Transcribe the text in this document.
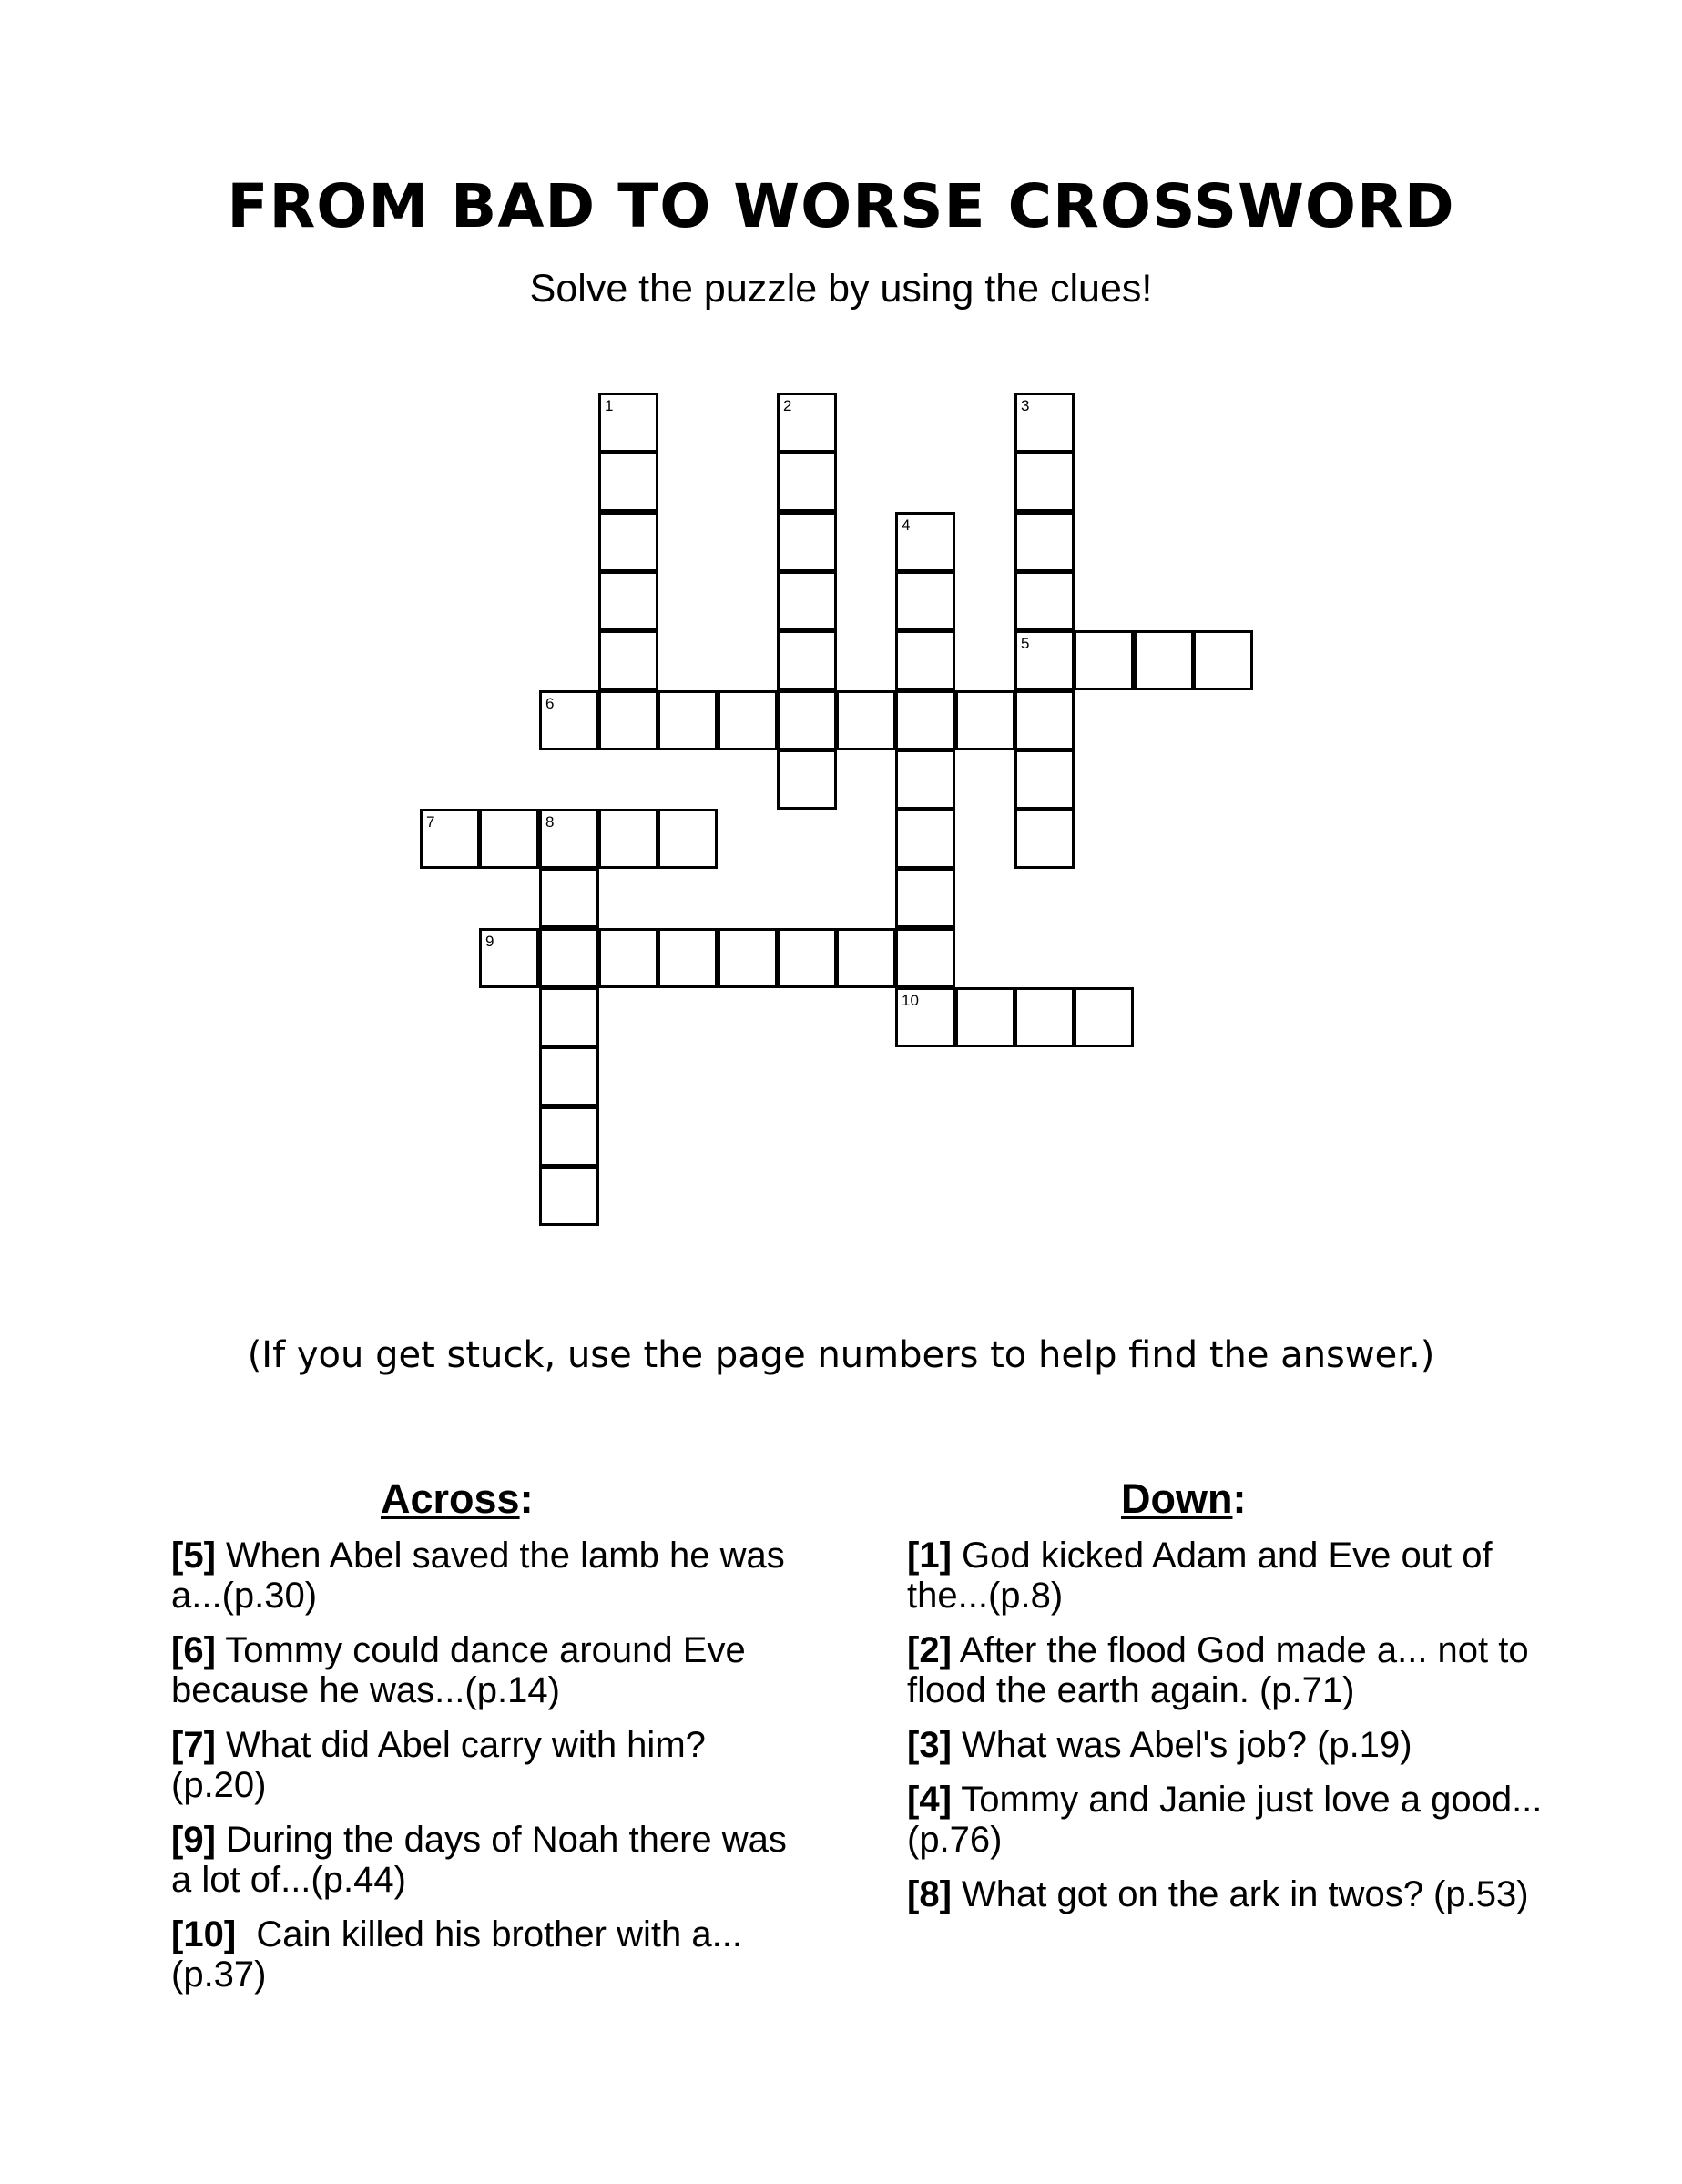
FROM BAD TO WORSE CROSSWORD

Solve the puzzle by using the clues!

1	2	3
5
4
6
7	8
9
10

(If you get stuck, use the page numbers to help find the answer.)

Across:

[5] When Abel saved the lamb he was a...(p.30)

[6] Tommy could dance around Eve because he was...(p.14)

[7] What did Abel carry with him? (p.20)

[9] During the days of Noah there was a lot of...(p.44)

[10]  Cain killed his brother with a...(p.37)

Down:

[1] God kicked Adam and Eve out of the...(p.8)

[2] After the flood God made a... not to flood the earth again. (p.71)

[3] What was Abel's job? (p.19)

[4] Tommy and Janie just love a good...(p.76)

[8] What got on the ark in twos? (p.53)
